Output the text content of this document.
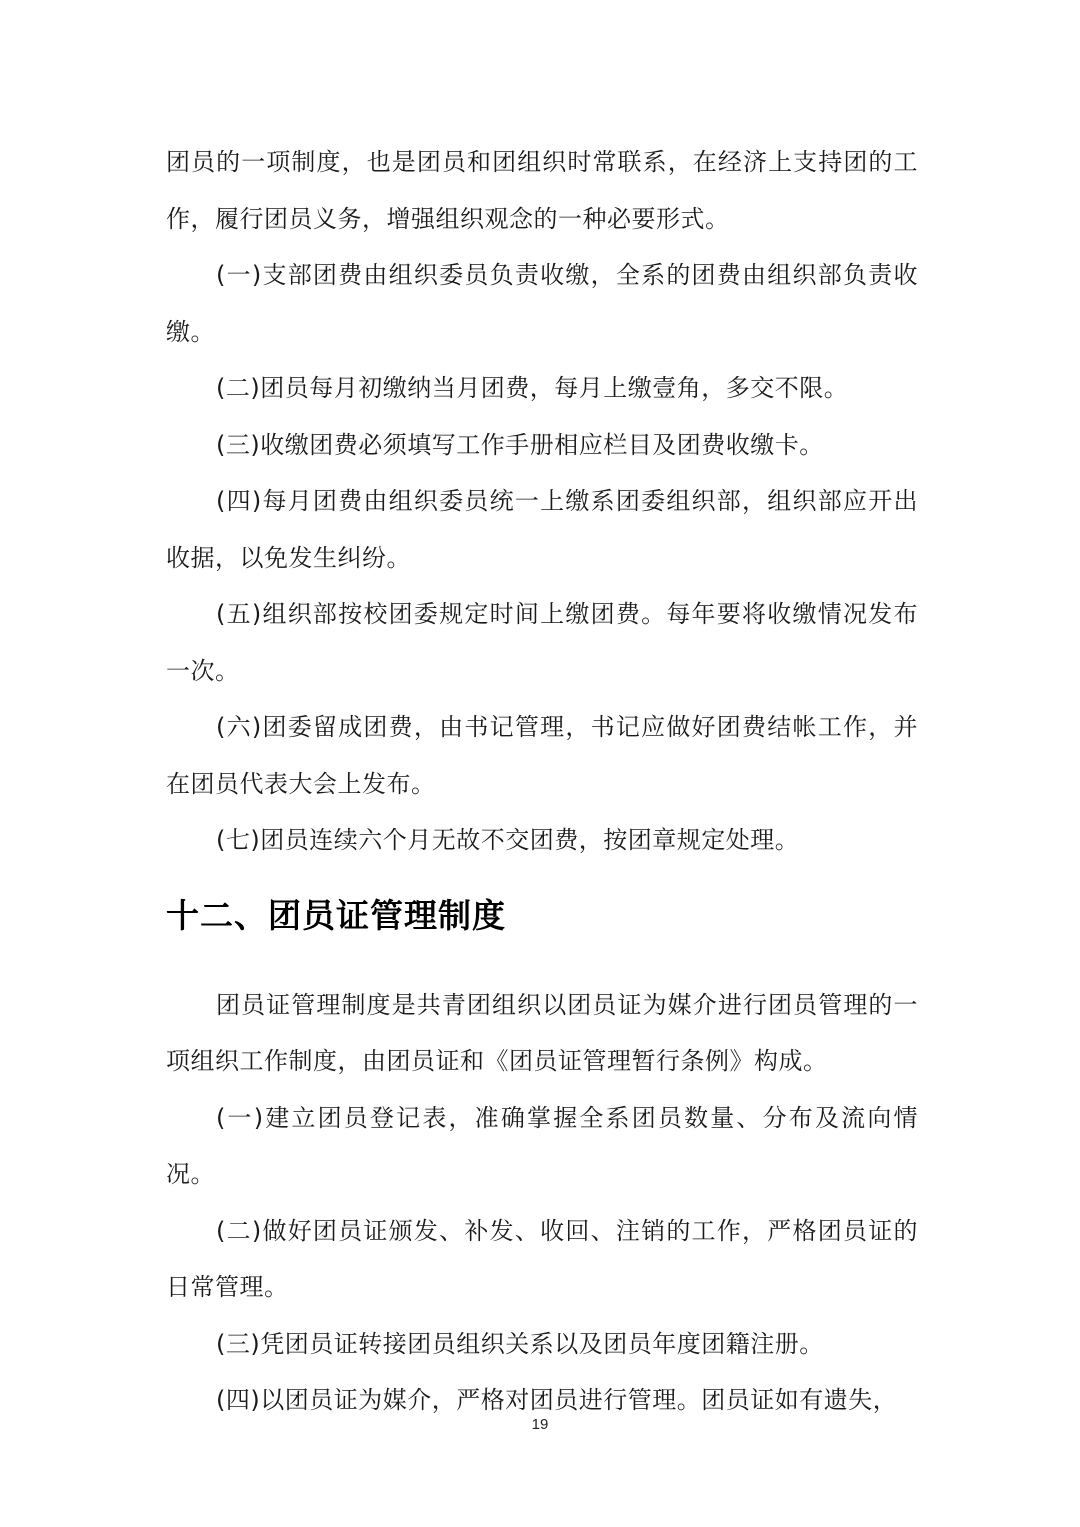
团员的一项制度，也是团员和团组织时常联系，在经济上支持团的工作，履行团员义务，增强组织观念的一种必要形式。

(一)支部团费由组织委员负责收缴，全系的团费由组织部负责收缴。

(二)团员每月初缴纳当月团费，每月上缴壹角，多交不限。

(三)收缴团费必须填写工作手册相应栏目及团费收缴卡。

(四)每月团费由组织委员统一上缴系团委组织部，组织部应开出收据，以免发生纠纷。

(五)组织部按校团委规定时间上缴团费。每年要将收缴情况发布一次。

(六)团委留成团费，由书记管理，书记应做好团费结帐工作，并在团员代表大会上发布。

(七)团员连续六个月无故不交团费，按团章规定处理。

十二、团员证管理制度

团员证管理制度是共青团组织以团员证为媒介进行团员管理的一项组织工作制度，由团员证和《团员证管理暂行条例》构成。

(一)建立团员登记表，准确掌握全系团员数量、分布及流向情况。

(二)做好团员证颁发、补发、收回、注销的工作，严格团员证的日常管理。

(三)凭团员证转接团员组织关系以及团员年度团籍注册。

(四)以团员证为媒介，严格对团员进行管理。团员证如有遗失，

19
